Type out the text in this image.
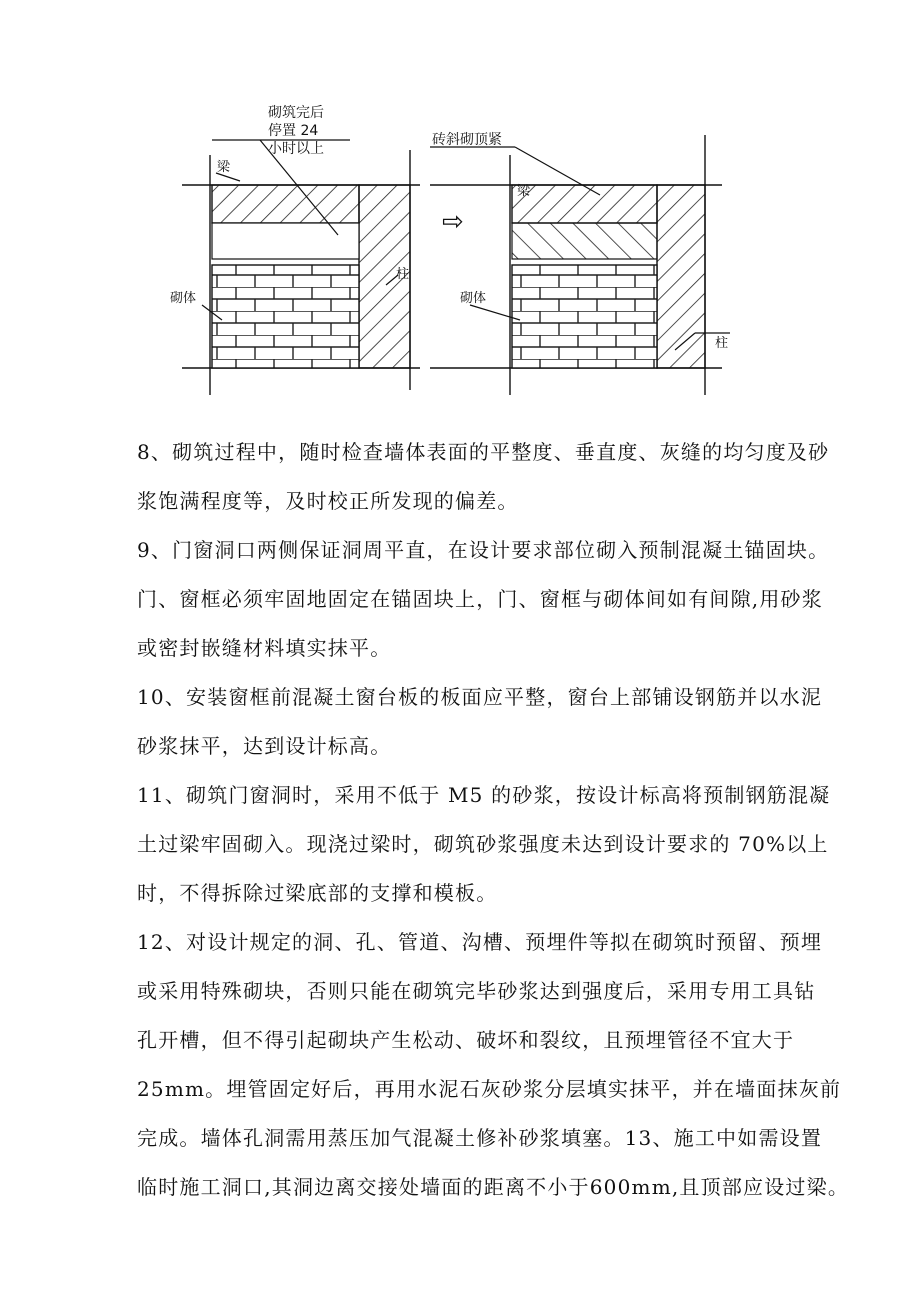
砌筑完后
停置 24
小时以上
梁
砌体
柱
⇨
砖斜砌顶紧
梁
砌体
柱

8、砌筑过程中，随时检查墙体表面的平整度、垂直度、灰缝的均匀度及砂
浆饱满程度等，及时校正所发现的偏差。

9、门窗洞口两侧保证洞周平直，在设计要求部位砌入预制混凝土锚固块。
门、窗框必须牢固地固定在锚固块上，门、窗框与砌体间如有间隙,用砂浆
或密封嵌缝材料填实抹平。

10、安装窗框前混凝土窗台板的板面应平整，窗台上部铺设钢筋并以水泥
砂浆抹平，达到设计标高。

11、砌筑门窗洞时，采用不低于 M5 的砂浆，按设计标高将预制钢筋混凝
土过梁牢固砌入。现浇过梁时，砌筑砂浆强度未达到设计要求的 70%以上
时，不得拆除过梁底部的支撑和模板。

12、对设计规定的洞、孔、管道、沟槽、预埋件等拟在砌筑时预留、预埋
或采用特殊砌块，否则只能在砌筑完毕砂浆达到强度后，采用专用工具钻
孔开槽，但不得引起砌块产生松动、破坏和裂纹，且预埋管径不宜大于
25mm。埋管固定好后，再用水泥石灰砂浆分层填实抹平，并在墙面抹灰前
完成。墙体孔洞需用蒸压加气混凝土修补砂浆填塞。13、施工中如需设置
临时施工洞口,其洞边离交接处墙面的距离不小于600mm,且顶部应设过梁。
